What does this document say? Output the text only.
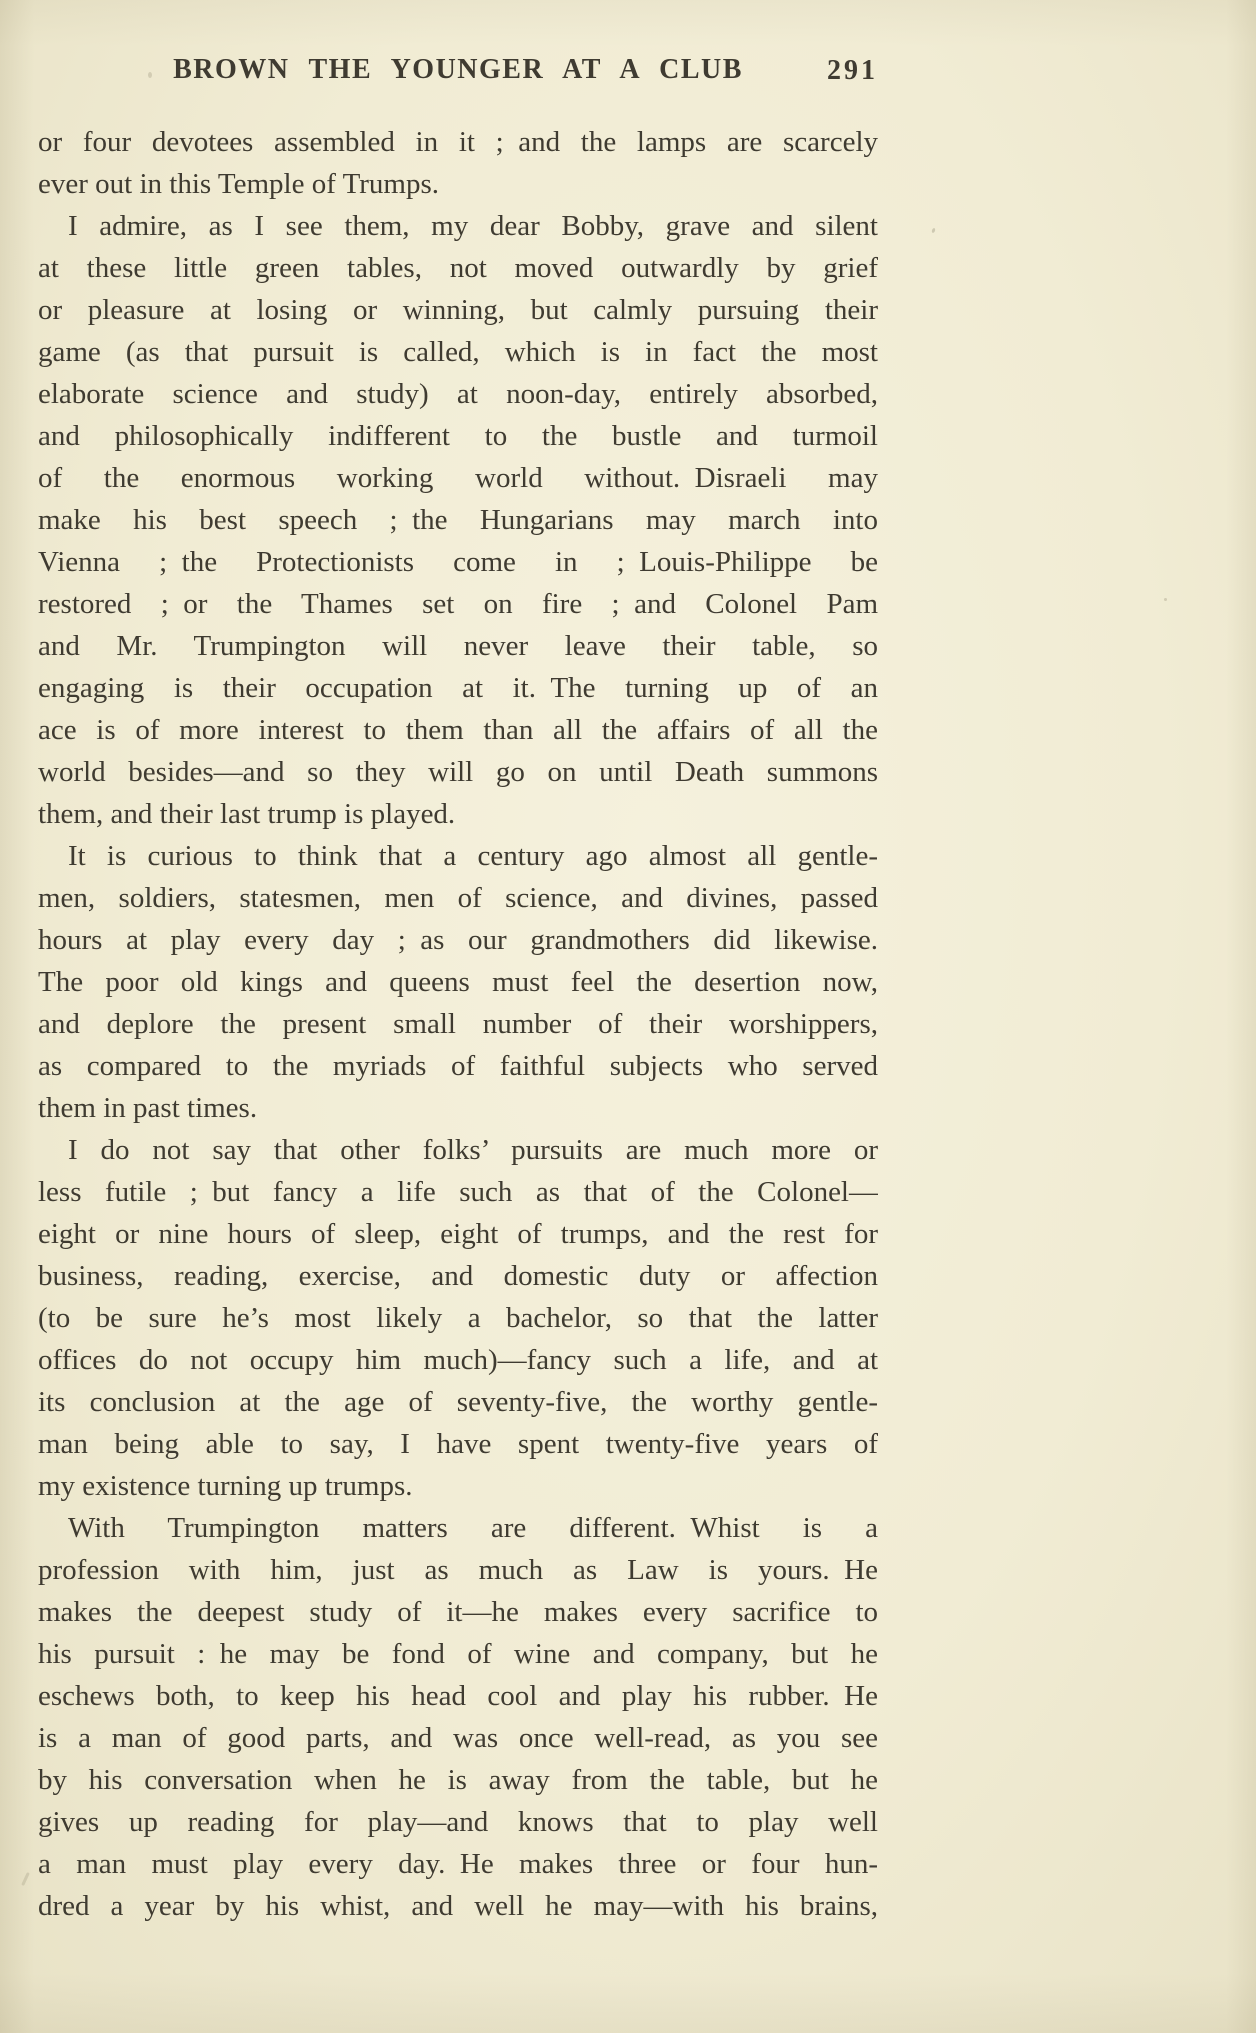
BROWN THE YOUNGER AT A CLUB	291
or four devotees assembled in it ; and the lamps are scarcely
ever out in this Temple of Trumps.
I admire, as I see them, my dear Bobby, grave and silent
at these little green tables, not moved outwardly by grief
or pleasure at losing or winning, but calmly pursuing their
game (as that pursuit is called, which is in fact the most
elaborate science and study) at noon-day, entirely absorbed,
and philosophically indifferent to the bustle and turmoil
of the enormous working world without. Disraeli may
make his best speech ; the Hungarians may march into
Vienna ; the Protectionists come in ; Louis-Philippe be
restored ; or the Thames set on fire ; and Colonel Pam
and Mr. Trumpington will never leave their table, so
engaging is their occupation at it. The turning up of an
ace is of more interest to them than all the affairs of all the
world besides—and so they will go on until Death summons
them, and their last trump is played.
It is curious to think that a century ago almost all gentle-
men, soldiers, statesmen, men of science, and divines, passed
hours at play every day ; as our grandmothers did likewise.
The poor old kings and queens must feel the desertion now,
and deplore the present small number of their worshippers,
as compared to the myriads of faithful subjects who served
them in past times.
I do not say that other folks’ pursuits are much more or
less futile ; but fancy a life such as that of the Colonel—
eight or nine hours of sleep, eight of trumps, and the rest for
business, reading, exercise, and domestic duty or affection
(to be sure he’s most likely a bachelor, so that the latter
offices do not occupy him much)—fancy such a life, and at
its conclusion at the age of seventy-five, the worthy gentle-
man being able to say, I have spent twenty-five years of
my existence turning up trumps.
With Trumpington matters are different. Whist is a
profession with him, just as much as Law is yours. He
makes the deepest study of it—he makes every sacrifice to
his pursuit : he may be fond of wine and company, but he
eschews both, to keep his head cool and play his rubber. He
is a man of good parts, and was once well-read, as you see
by his conversation when he is away from the table, but he
gives up reading for play—and knows that to play well
a man must play every day. He makes three or four hun-
dred a year by his whist, and well he may—with his brains,
